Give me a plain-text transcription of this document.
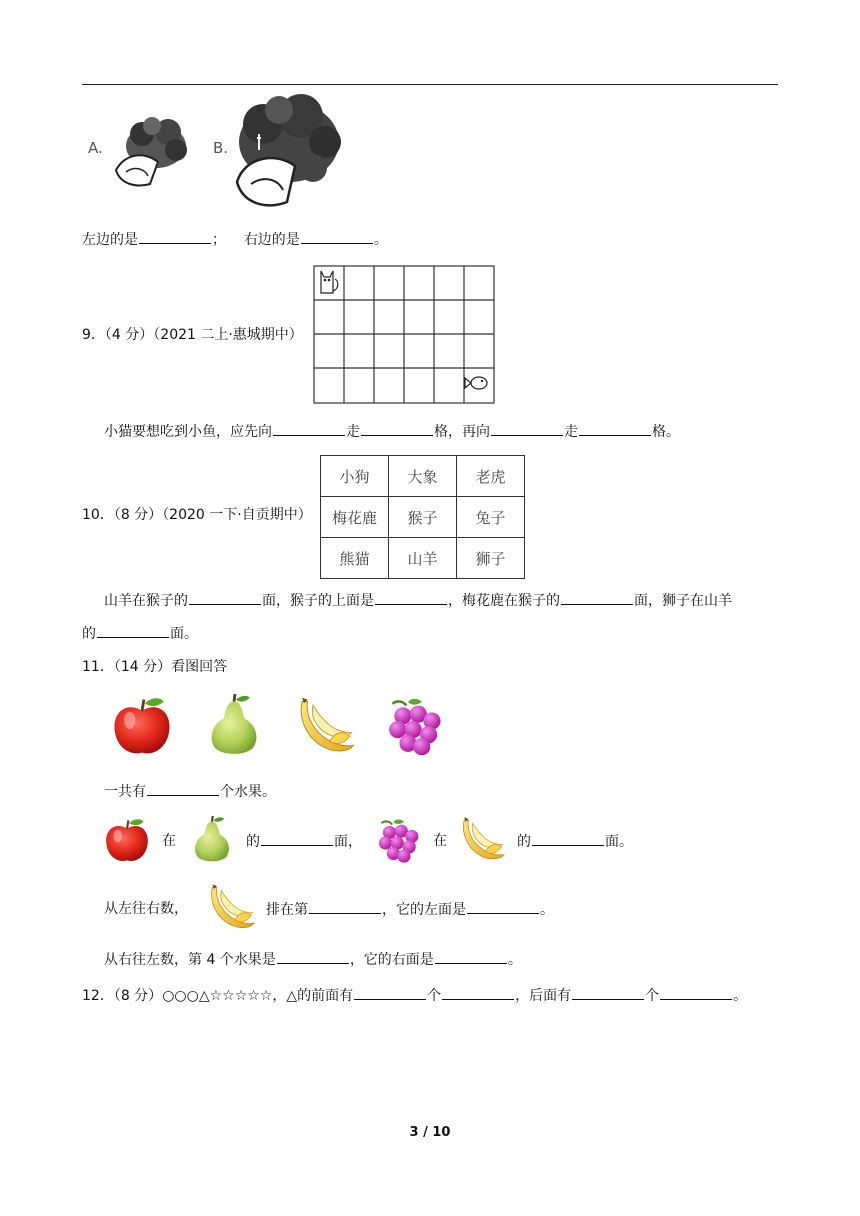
A.	B.
左边的是	； 右边的是	。
9．（4 分）（2021 二上·惠城期中）
小猫要想吃到小鱼，应先向	走	格，再向	走	格。
10．（8 分）（2020 一下·自贡期中）
小狗	大象	老虎
梅花鹿	猴子	兔子
熊猫	山羊	狮子
山羊在猴子的	面，猴子的上面是	，梅花鹿在猴子的	面，狮子在山羊
的	面。
11．（14 分）看图回答
一共有	个水果。
在	的	面，	在	的	面。
从左往右数，	排在第	，它的左面是	。
从右往左数，第 4 个水果是	，它的右面是	。
12．（8 分）○○○△☆☆☆☆☆，△的前面有	个	，后面有	个	。
3 / 10
